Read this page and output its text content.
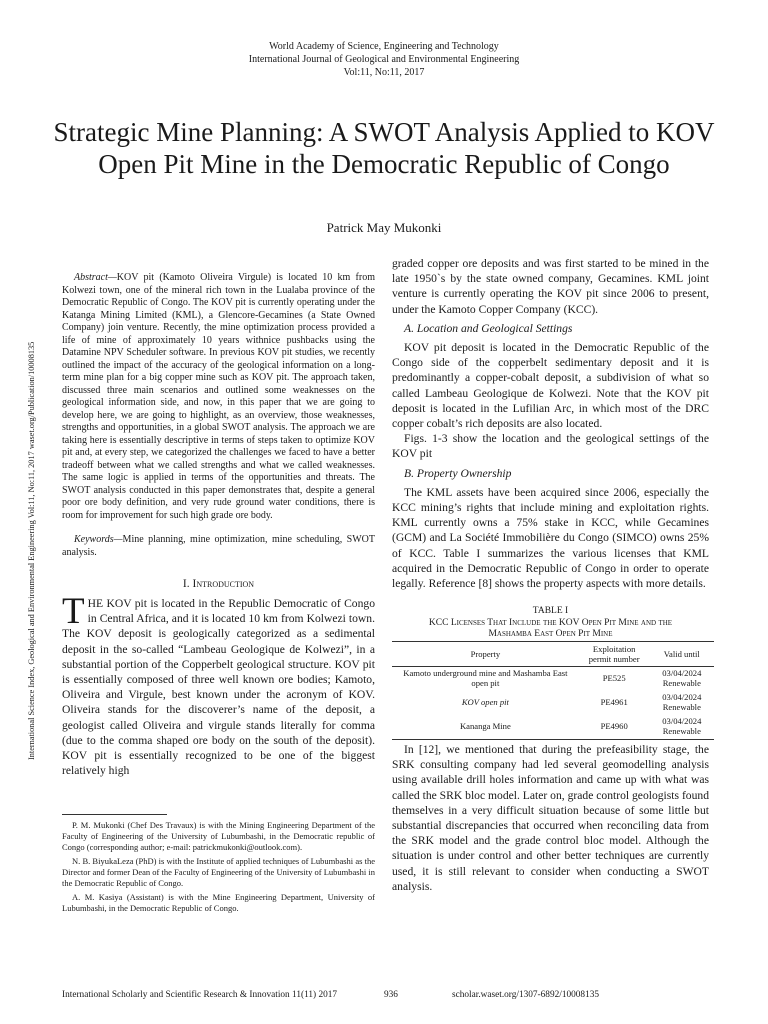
World Academy of Science, Engineering and Technology
International Journal of Geological and Environmental Engineering
Vol:11, No:11, 2017
Strategic Mine Planning: A SWOT Analysis Applied to KOV Open Pit Mine in the Democratic Republic of Congo
Patrick May Mukonki
International Science Index, Geological and Environmental Engineering Vol:11, No:11, 2017 waset.org/Publication/10008135

Abstract—KOV pit (Kamoto Oliveira Virgule) is located 10 km from Kolwezi town, one of the mineral rich town in the Lualaba province of the Democratic Republic of Congo. The KOV pit is currently operating under the Katanga Mining Limited (KML), a Glencore-Gecamines (a State Owned Company) join venture. Recently, the mine optimization process provided a life of mine of approximately 10 years withnice pushbacks using the Datamine NPV Scheduler software. In previous KOV pit studies, we recently outlined the impact of the accuracy of the geological information on a long-term mine plan for a big copper mine such as KOV pit. The approach taken, discussed three main scenarios and outlined some weaknesses on the geological information side, and now, in this paper that we are going to develop here, we are going to highlight, as an overview, those weaknesses, strengths and opportunities, in a global SWOT analysis. The approach we are taking here is essentially descriptive in terms of steps taken to optimize KOV pit and, at every step, we categorized the challenges we faced to have a better tradeoff between what we called strengths and what we called weaknesses. The same logic is applied in terms of the opportunities and threats. The SWOT analysis conducted in this paper demonstrates that, despite a general poor ore body definition, and very rude ground water conditions, there is room for improvement for such high grade ore body.

Keywords—Mine planning, mine optimization, mine scheduling, SWOT analysis.

I. Introduction

THE KOV pit is located in the Republic Democratic of Congo in Central Africa, and it is located 10 km from Kolwezi town. The KOV deposit is geologically categorized as a sedimental deposit in the so-called “Lambeau Geologique de Kolwezi”, in a substantial portion of the Copperbelt geological structure. KOV pit is essentially composed of three well known ore bodies; Kamoto, Oliveira and Virgule, best known under the acronym of KOV. Oliveira stands for the discoverer’s name of the deposit, a geologist called Oliveira and virgule stands literally for comma (due to the comma shaped ore body on the south of the deposit). KOV pit is essentially recognized to be one of the biggest relatively high

P. M. Mukonki (Chef Des Travaux) is with the Mining Engineering Department of the Faculty of Engineering of the University of Lubumbashi, in the Democratic republic of Congo (corresponding author; e-mail: patrickmukonki@outlook.com).

N. B. BiyukaLeza (PhD) is with the Institute of applied techniques of Lubumbashi as the Director and former Dean of the Faculty of Engineering of the University of Lubumbashi in the Democratic Republic of Congo.

A. M. Kasiya (Assistant) is with the Mine Engineering Department, University of Lubumbashi, in the Democratic Republic of Congo.

graded copper ore deposits and was first started to be mined in the late 1950`s by the state owned company, Gecamines. KML joint venture is currently operating the KOV pit since 2006 to present, under the Kamoto Copper Company (KCC).

A. Location and Geological Settings

KOV pit deposit is located in the Democratic Republic of the Congo side of the copperbelt sedimentary deposit and it is predominantly a copper-cobalt deposit, a subdivision of what so called Lambeau Geologique de Kolwezi. Note that the KOV pit deposit is located in the Lufilian Arc, in which most of the DRC copper cobalt’s rich deposits are also located.

Figs. 1-3 show the location and the geological settings of the KOV pit

B. Property Ownership

The KML assets have been acquired since 2006, especially the KCC mining’s rights that include mining and exploitation rights. KML currently owns a 75% stake in KCC, while Gecamines (GCM) and La Société Immobilière du Congo (SIMCO) owns 25% of KCC. Table I summarizes the various licenses that KML acquired in the Democratic Republic of Congo in order to operate legally. Reference [8] shows the property aspects with more details.

TABLE I
KCC Licenses That Include the KOV Open Pit Mine and the
Mashamba East Open Pit Mine
Property	Exploitation permit number	Valid until
Kamoto underground mine and Mashamba East open pit	PE525	03/04/2024 Renewable
KOV open pit	PE4961	03/04/2024 Renewable
Kananga Mine	PE4960	03/04/2024 Renewable

In [12], we mentioned that during the prefeasibility stage, the SRK consulting company had led several geomodelling analysis using available drill holes information and came up with what was called the SRK bloc model. Later on, grade control geologists found themselves in a very difficult situation because of some little but substantial discrepancies that occurred when reconciling data from the SRK model and the grade control bloc model. Although the situation is under control and other better techniques are currently used, it is still relevant to consider when conducting a SWOT analysis.

International Scholarly and Scientific Research & Innovation 11(11) 2017	936	scholar.waset.org/1307-6892/10008135
